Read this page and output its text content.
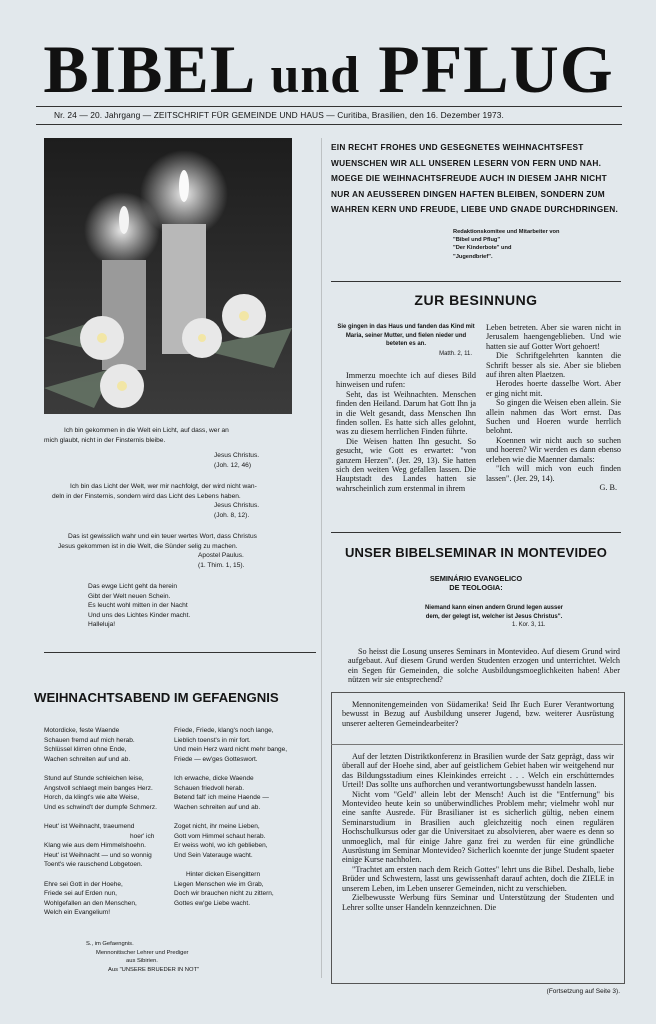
BIBEL und PFLUG
Nr. 24 — 20. Jahrgang — ZEITSCHRIFT FÜR GEMEINDE UND HAUS — Curitiba, Brasilien, den 16. Dezember 1973.
Ich bin gekommen in die Welt ein Licht, auf dass, wer an
mich glaubt, nicht in der Finsternis bleibe.
Jesus Christus.
(Joh. 12, 46)
Ich bin das Licht der Welt, wer mir nachfolgt, der wird nicht wan-
deln in der Finsternis, sondern wird das Licht des Lebens haben.
Jesus Christus.
(Joh. 8, 12).
Das ist gewisslich wahr und ein teuer wertes Wort, dass Christus
Jesus gekommen ist in die Welt, die Sünder selig zu machen.
Apostel Paulus.
(1. Thim. 1, 15).
Das ewge Licht geht da herein
Gibt der Welt neuen Schein.
Es leucht wohl mitten in der Nacht
Und uns des Lichtes Kinder macht.
Halleluja!
EIN RECHT FROHES UND GESEGNETES WEIHNACHTSFEST WUENSCHEN WIR ALL UNSEREN LESERN VON FERN UND NAH. MOEGE DIE WEIHNACHTSFREUDE AUCH IN DIESEM JAHR NICHT NUR AN AEUSSEREN DINGEN HAFTEN BLEIBEN, SONDERN ZUM WAHREN KERN UND FREUDE, LIEBE UND GNADE DURCHDRINGEN.
Redaktionskomitee und Mitarbeiter von
"Bibel und Pflug"
"Der Kinderbote" und
"Jugendbrief".
ZUR BESINNUNG
Sie gingen in das Haus und fanden das Kind mit Maria, seiner Mutter, und fielen nieder und beteten es an.
Matth. 2, 11.

Immerzu moechte ich auf dieses Bild hinweisen und rufen:

Seht, das ist Weihnachten. Menschen finden den Heiland. Darum hat Gott Ihn ja in die Welt gesandt, dass Menschen Ihn finden sollen. Es hatte sich alles gelohnt, was zu diesem herrlichen Finden führte.

Die Weisen hatten Ihn gesucht. So gesucht, wie Gott es erwartet: "von ganzem Herzen". (Jer. 29, 13). Sie hatten sich den weiten Weg gefallen lassen. Die Hauptstadt des Landes hatten sie wahrscheinlich zum erstenmal in ihrem

Leben betreten. Aber sie waren nicht in Jerusalem haengengeblieben. Und wie hatten sie auf Gotter Wort gehoert!

Die Schriftgelehrten kannten die Schrift besser als sie. Aber sie blieben auf ihren alten Plaetzen.

Herodes hoerte dasselbe Wort. Aber er ging nicht mit.

So gingen die Weisen eben allein. Sie allein nahmen das Wort ernst. Das Suchen und Hoeren wurde herrlich belohnt.

Koennen wir nicht auch so suchen und hoeren? Wir werden es dann ebenso erleben wie die Maenner damals:

"Ich will mich von euch finden lassen". (Jer. 29, 14).

G. B.

UNSER BIBELSEMINAR IN MONTEVIDEO
SEMINÁRIO EVANGELICO
DE TEOLOGIA:
Niemand kann einen andern Grund legen ausser dem, der gelegt ist, welcher ist Jesus Christus".
1. Kor. 3, 11.

So heisst die Losung unseres Seminars in Montevideo. Auf diesem Grund wird aufgebaut. Auf diesem Grund werden Studenten erzogen und unterrichtet. Welch ein Segen für Gemeinden, die solche Ausbildungsmoeglichkeiten haben! Aber nützen wir sie entsprechend?

Mennonitengemeinden von Südamerika! Seid Ihr Euch Eurer Verantwortung bewusst in Bezug auf Ausbildung unserer Jugend, bzw. weiterer Ausrüstung unserer aelteren Gemeindearbeiter?

Auf der letzten Distriktkonferenz in Brasilien wurde der Satz geprägt, dass wir überall auf der Hoehe sind, aber auf geistlichem Gebiet haben wir weitgehend nur das Bildungsstadium eines Kleinkindes erreicht . . . Welch ein erschütterndes Urteil! Das sollte uns aufhorchen und verantwortungsbewusst handeln lassen.

Nicht vom "Geld" allein lebt der Mensch! Auch ist die "Entfernung" bis Montevideo heute kein so unüberwindliches Problem mehr; vielmehr wohl nur eine sanfte Ausrede. Für Brasilianer ist es sicherlich gültig, neben einem Seminarstudium in Brasilien auch gleichzeitig noch einen regulären Hochschulkursus oder gar die Universitaet zu absolvieren, aber waere es denn so unmoeglich, mal für einige Jahre ganz frei zu werden für eine gründliche Ausrüstung im Seminar Montevideo? Sicherlich koennte der junge Student spaeter einige Kurse nachholen.

"Trachtet am ersten nach dem Reich Gottes" lehrt uns die Bibel. Deshalb, liebe Brüder und Schwestern, lasst uns gewissenhaft darauf achten, doch die ZIELE in unserem Leben, im Leben unserer Gemeinden, nicht zu verschieben.

Zielbewusste Werbung fürs Seminar und Unterstützung der Studenten und Lehrer sollte unser Handeln kennzeichnen. Die

(Fortsetzung auf Seite 3).
WEIHNACHTSABEND IM GEFAENGNIS
Motordicke, feste Waende
Schauen fremd auf mich herab.
Schlüssel klirren ohne Ende,
Wachen schreiten auf und ab.
Stund auf Stunde schleichen leise,
Angstvoll schlaegt mein banges Herz.
Horch, da klingt's wie alte Weise,
Und es schwind't der dumpfe Schmerz.
Heut' ist Weihnacht, traeumend
hoer' ich
Klang wie aus dem Himmelshoehn.
Heut' ist Weihnacht — und so wonnig
Toent's wie rauschend Lobgetoen.
Ehre sei Gott in der Hoehe,
Friede sei auf Erden nun,
Wohlgefallen an den Menschen,
Welch ein Evangelium!
Friede, Friede, klang's noch lange,
Lieblich toenst's in mir fort.
Und mein Herz ward nicht mehr bange,
Friede — ew'ges Gotteswort.
Ich erwache, dicke Waende
Schauen friedvoll herab.
Betend falt' ich meine Haende —
Wachen schreiten auf und ab.
Zoget nicht, ihr meine Lieben,
Gott vom Himmel schaut herab.
Er weiss wohl, wo ich geblieben,
Und Sein Vaterauge wacht.
Hinter dicken Eisengittern
Liegen Menschen wie im Grab,
Doch wir brauchen nicht zu zittern,
Gottes ew'ge Liebe wacht.
S., im Gefaengnis.
Mennonitischer Lehrer und Prediger
aus Sibirien.
Aus "UNSERE BRUEDER IN NOT"
